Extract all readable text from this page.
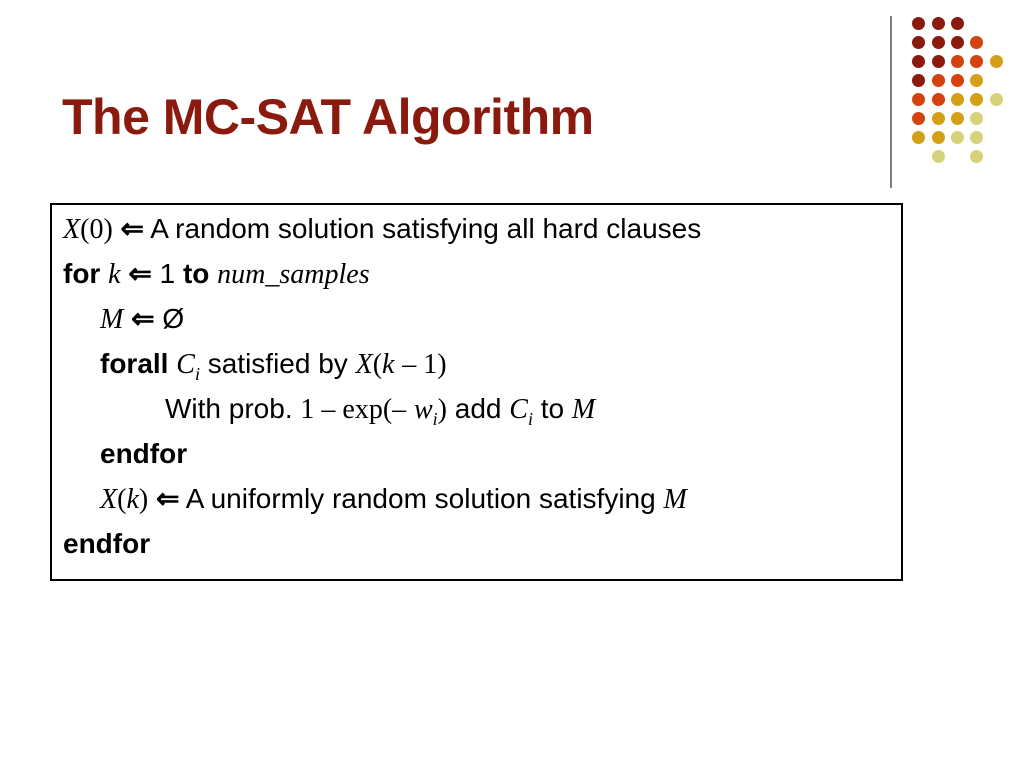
The MC-SAT Algorithm
X(0) ⇐ A random solution satisfying all hard clauses
for k ⇐ 1 to num_samples
M ⇐ Ø
forall $C_i$ satisfied by X(k – 1)
With prob. 1 – exp(– $w_i$) add $C_i$ to M
endfor
X(k) ⇐ A uniformly random solution satisfying M
endfor
